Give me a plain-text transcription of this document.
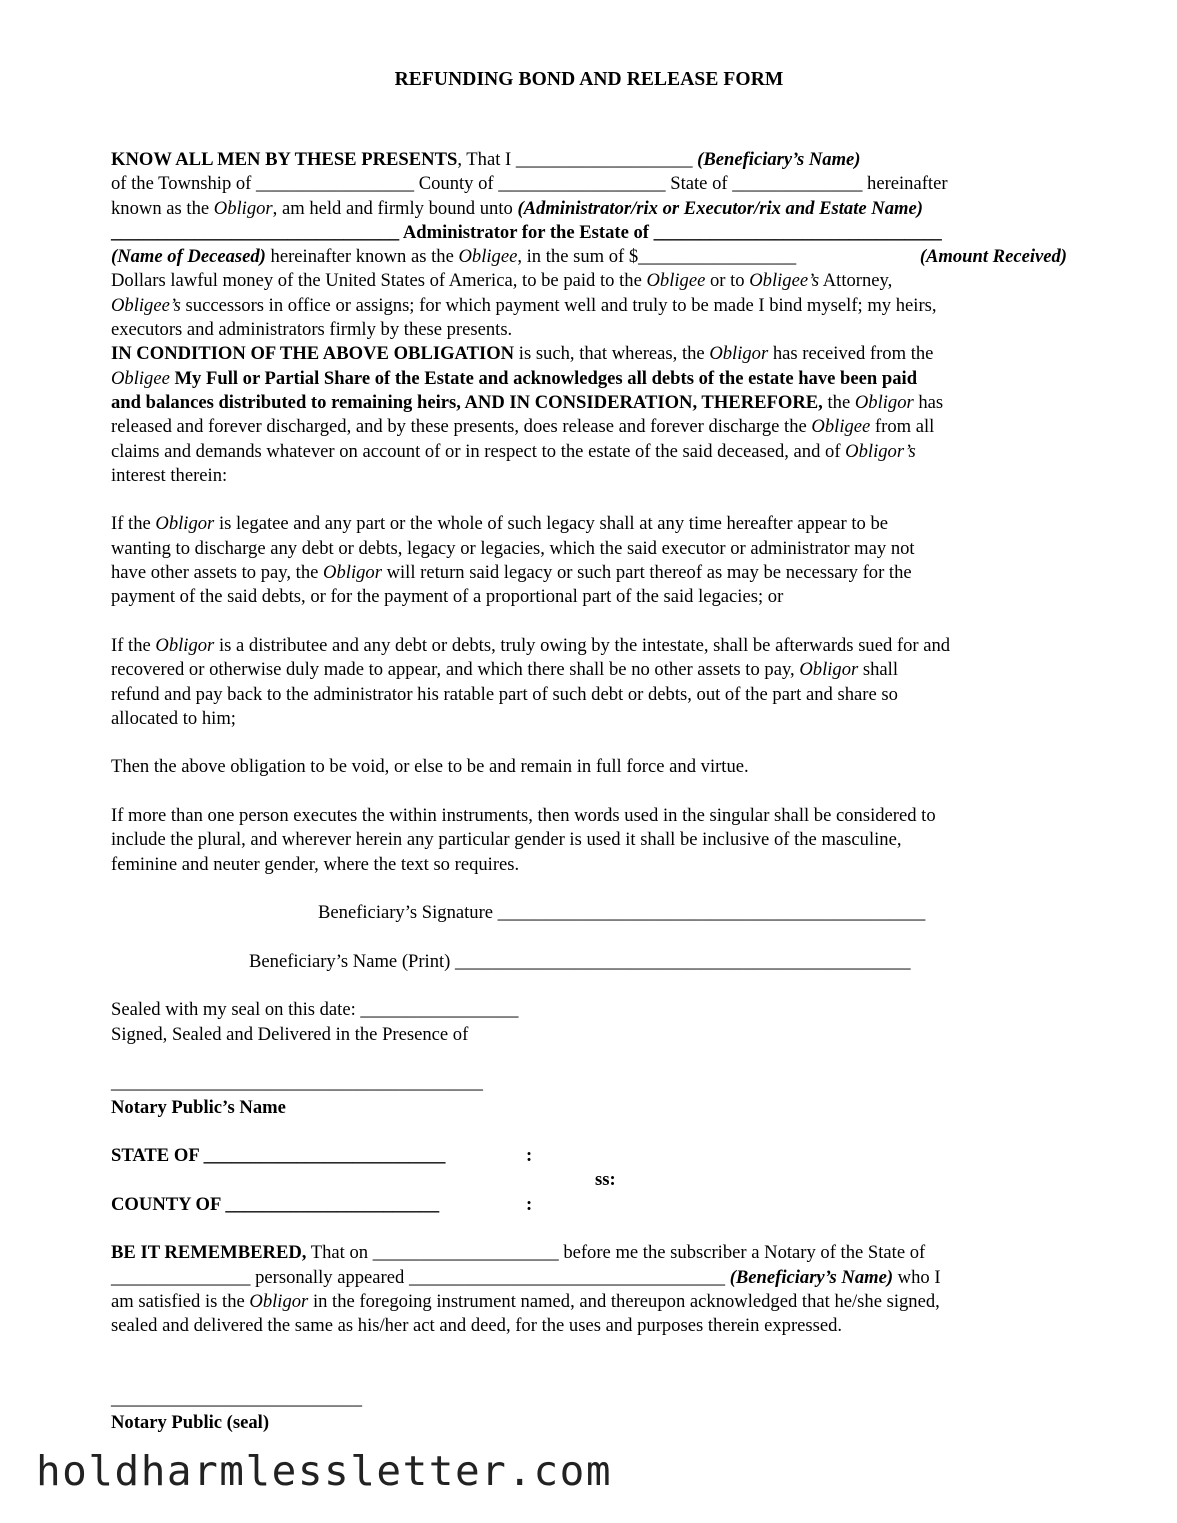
REFUNDING BOND AND RELEASE FORM
KNOW ALL MEN BY THESE PRESENTS, That I ___________________ (Beneficiary’s Name)
of the Township of _________________ County of __________________ State of ______________ hereinafter
known as the Obligor, am held and firmly bound unto (Administrator/rix or Executor/rix and Estate Name)
_______________________________ Administrator for the Estate of _______________________________
(Name of Deceased) hereinafter known as the Obligee, in the sum of $_________________	(Amount Received)
Dollars lawful money of the United States of America, to be paid to the Obligee or to Obligee’s Attorney,
Obligee’s successors in office or assigns; for which payment well and truly to be made I bind myself; my heirs,
executors and administrators firmly by these presents.
IN CONDITION OF THE ABOVE OBLIGATION is such, that whereas, the Obligor has received from the
Obligee My Full or Partial Share of the Estate and acknowledges all debts of the estate have been paid
and balances distributed to remaining heirs, AND IN CONSIDERATION, THEREFORE, the Obligor has
released and forever discharged, and by these presents, does release and forever discharge the Obligee from all
claims and demands whatever on account of or in respect to the estate of the said deceased, and of Obligor’s
interest therein:
If the Obligor is legatee and any part or the whole of such legacy shall at any time hereafter appear to be
wanting to discharge any debt or debts, legacy or legacies, which the said executor or administrator may not
have other assets to pay, the Obligor will return said legacy or such part thereof as may be necessary for the
payment of the said debts, or for the payment of a proportional part of the said legacies; or
If the Obligor is a distributee and any debt or debts, truly owing by the intestate, shall be afterwards sued for and
recovered or otherwise duly made to appear, and which there shall be no other assets to pay, Obligor shall
refund and pay back to the administrator his ratable part of such debt or debts, out of the part and share so
allocated to him;
Then the above obligation to be void, or else to be and remain in full force and virtue.
If more than one person executes the within instruments, then words used in the singular shall be considered to
include the plural, and wherever herein any particular gender is used it shall be inclusive of the masculine,
feminine and neuter gender, where the text so requires.
Beneficiary’s Signature ______________________________________________
Beneficiary’s Name (Print) _________________________________________________
Sealed with my seal on this date: _________________
Signed, Sealed and Delivered in the Presence of
________________________________________
Notary Public’s Name
STATE OF __________________________	:
ss:
COUNTY OF _______________________	:
BE IT REMEMBERED, That on ____________________ before me the subscriber a Notary of the State of
_______________ personally appeared __________________________________ (Beneficiary’s Name) who I
am satisfied is the Obligor in the foregoing instrument named, and thereupon acknowledged that he/she signed,
sealed and delivered the same as his/her act and deed, for the uses and purposes therein expressed.
___________________________
Notary Public (seal)
holdharmlessletter.com
